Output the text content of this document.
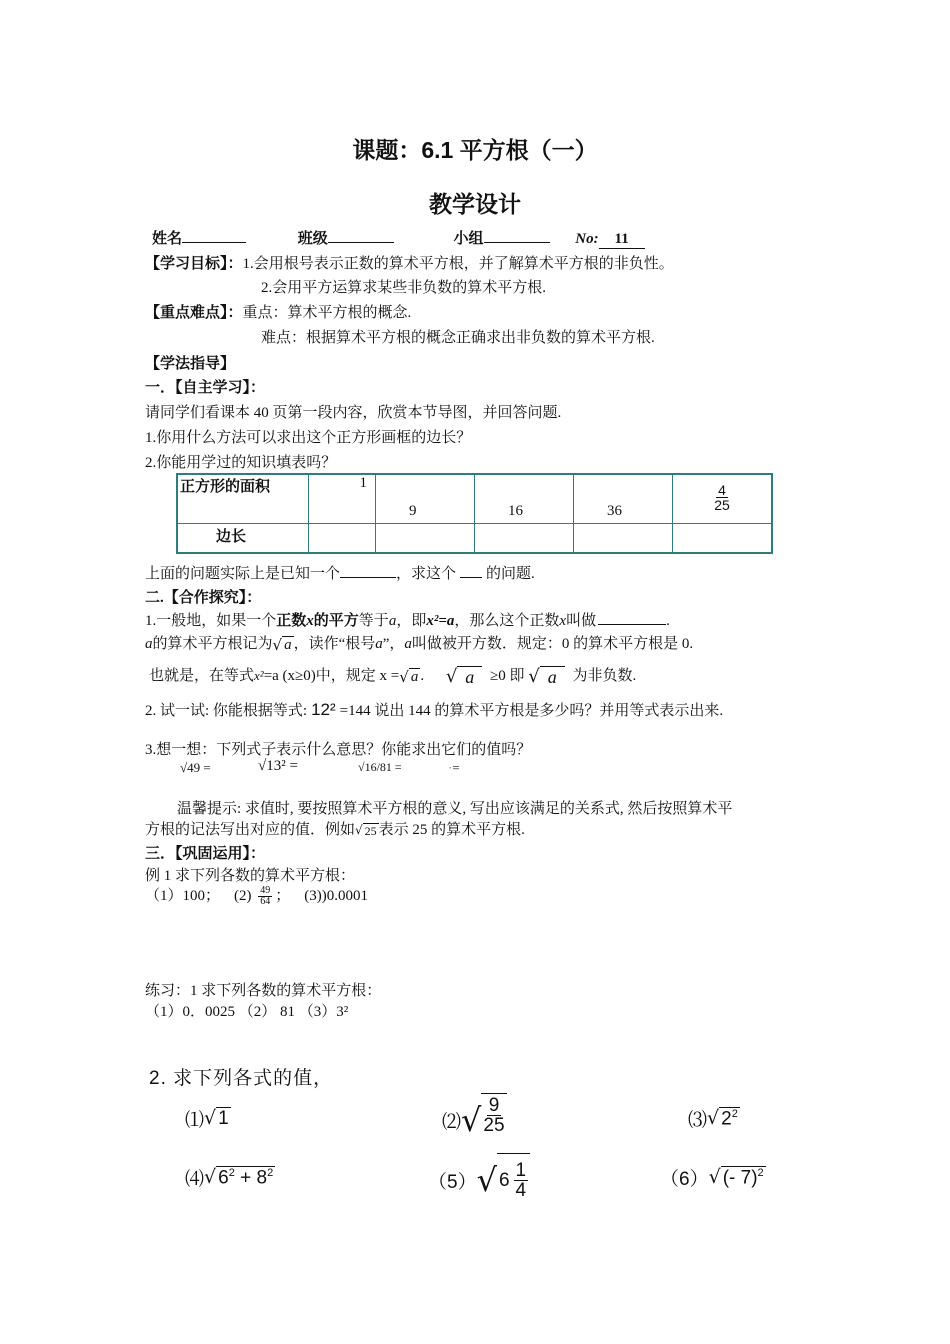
课题：6.1 平方根（一）
教学设计
姓名	班级	小组	No: 11
【学习目标】：1.会用根号表示正数的算术平方根，并了解算术平方根的非负性。
2.会用平方运算求某些非负数的算术平方根.
【重点难点】：重点：算术平方根的概念.
难点：根据算术平方根的概念正确求出非负数的算术平方根.
【学法指导】
一．【自主学习】：
请同学们看课本 40 页第一段内容，欣赏本节导图，并回答问题.
1.你用什么方法可以求出这个正方形画框的边长？
2.你能用学过的知识填表吗？
正方形的面积	1	9	16	36	$\frac{4}{25}$

边长					
上面的问题实际上是已知一个	，求这个 的问题.
二.【合作探究】：
1.一般地，如果一个正数x的平方等于a，即x²=a，那么这个正数x叫做	.
a的算术平方根记为 √ a ，读作“根号a”，a叫做被开方数．规定：0 的算术平方根是 0.
也就是，在等式x²=a (x≥0)中，规定 x = √ a . √ a	≥0 即 √ a	为非负数.
2. 试一试: 你能根据等式: 12² =144 说出 144 的算术平方根是多少吗？并用等式表示出来.
3.想一想：下列式子表示什么意思？你能求出它们的值吗？
√49 =	√13² =	√16/81 =	·=
温馨提示: 求值时, 要按照算术平方根的意义, 写出应该满足的关系式, 然后按照算术平
方根的记法写出对应的值．例如 √ 25 表示 25 的算术平方根.
三．【巩固运用】：
例 1 求下列各数的算术平方根：
（1）100； $(2) \frac{49}{64}$ ； (3))0.0001
练习：1 求下列各数的算术平方根：
（1）0．0025 （2） 81 （3）3²
2. 求下列各式的值，
⑴ √ 1	⑵ √ $\frac{9}{25}$	⑶ √ $2^2$
⑷ √ $6^2 + 8^2$	（5） √ $6 \frac{1}{4}$	（6） √ (- 7)$^2$
